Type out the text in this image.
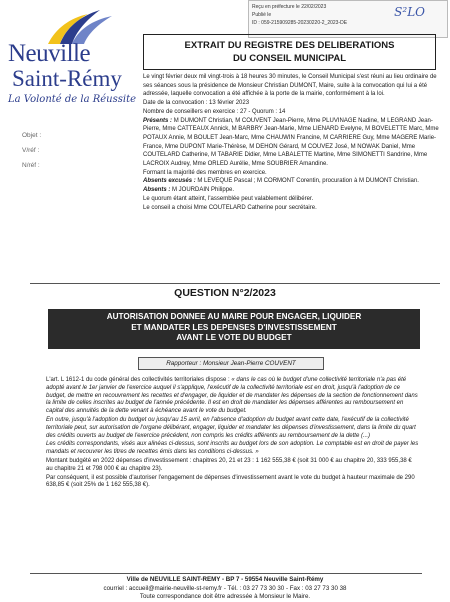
Reçu en préfecture le 22/02/2023
Publié le
ID : 059-215909285-20230220-2_2023-DE
S²LO
Neuville
Saint-Rémy
La Volonté de la Réussite
Objet :
V/réf :
N/réf :
EXTRAIT DU REGISTRE DES DELIBERATIONS
DU CONSEIL MUNICIPAL

Le vingt février deux mil vingt-trois à 18 heures 30 minutes, le Conseil Municipal s'est réuni au lieu ordinaire de ses séances sous la présidence de Monsieur Christian DUMONT, Maire, suite à la convocation qui lui a été adressée, laquelle convocation a été affichée à la porte de la mairie, conformément à la loi.

Date de la convocation : 13 février 2023

Nombre de conseillers en exercice : 27 - Quorum : 14

Présents : M DUMONT Christian, M COUVENT Jean-Pierre, Mme PLUVINAGE Nadine, M LEGRAND Jean-Pierre, Mme CATTEAUX Annick, M BARBRY Jean-Marie, Mme LIENARD Evelyne, M BOVELETTE Marc, Mme POTAUX Annie, M BOULET Jean-Marc, Mme CHAUWIN Francine, M CARRIERE Guy, Mme MAGERE Marie-France, Mme DUPONT Marie-Thérèse, M DEHON Gérard, M COUVEZ José, M NOWAK Daniel, Mme COUTELARD Catherine, M TABARIE Didier, Mme LABALETTE Martine, Mme SIMONETTI Sandrine, Mme LACROIX Audrey, Mme ORLED Aurélie, Mme SOUBRIER Amandine.

Formant la majorité des membres en exercice.

Absents excusés : M LEVEQUE Pascal ; M CORMONT Corentin, procuration à M DUMONT Christian.

Absents : M JOURDAIN Philippe.

Le quorum étant atteint, l'assemblée peut valablement délibérer.

Le conseil a choisi Mme COUTELARD Catherine pour secrétaire.

QUESTION N°2/2023
AUTORISATION DONNEE AU MAIRE POUR ENGAGER, LIQUIDER
ET MANDATER LES DEPENSES D'INVESTISSEMENT
AVANT LE VOTE DU BUDGET
Rapporteur : Monsieur Jean-Pierre COUVENT

L'art. L 1612-1 du code général des collectivités territoriales dispose : « dans le cas où le budget d'une collectivité territoriale n'a pas été adopté avant le 1er janvier de l'exercice auquel il s'applique, l'exécutif de la collectivité territoriale est en droit, jusqu'à l'adoption de ce budget, de mettre en recouvrement les recettes et d'engager, de liquider et de mandater les dépenses de la section de fonctionnement dans la limite de celles inscrites au budget de l'année précédente. Il est en droit de mandater les dépenses afférentes au remboursement en capital des annuités de la dette venant à échéance avant le vote du budget.

En outre, jusqu'à l'adoption du budget ou jusqu'au 15 avril, en l'absence d'adoption du budget avant cette date, l'exécutif de la collectivité territoriale peut, sur autorisation de l'organe délibérant, engager, liquider et mandater les dépenses d'investissement, dans la limite du quart des crédits ouverts au budget de l'exercice précédent, non compris les crédits afférents au remboursement de la dette (...)

Les crédits correspondants, visés aux alinéas ci-dessus, sont inscrits au budget lors de son adoption. Le comptable est en droit de payer les mandats et recouvrer les titres de recettes émis dans les conditions ci-dessus. »

Montant budgété en 2022 dépenses d'investissement : chapitres 20, 21 et 23 : 1 162 555,38 € (soit 31 000 € au chapitre 20, 333 955,38 € au chapitre 21 et 798 000 € au chapitre 23).

Par conséquent, il est possible d'autoriser l'engagement de dépenses d'investissement avant le vote du budget à hauteur maximale de 290 638,85 € (soit 25% de 1 162 555,38 €).

Ville de NEUVILLE SAINT-REMY - BP 7 - 59554 Neuville Saint-Rémy
courriel : accueil@mairie-neuville-st-remy.fr - Tél. : 03 27 73 30 30 - Fax : 03 27 73 30 38
Toute correspondance doit être adressée à Monsieur le Maire.
